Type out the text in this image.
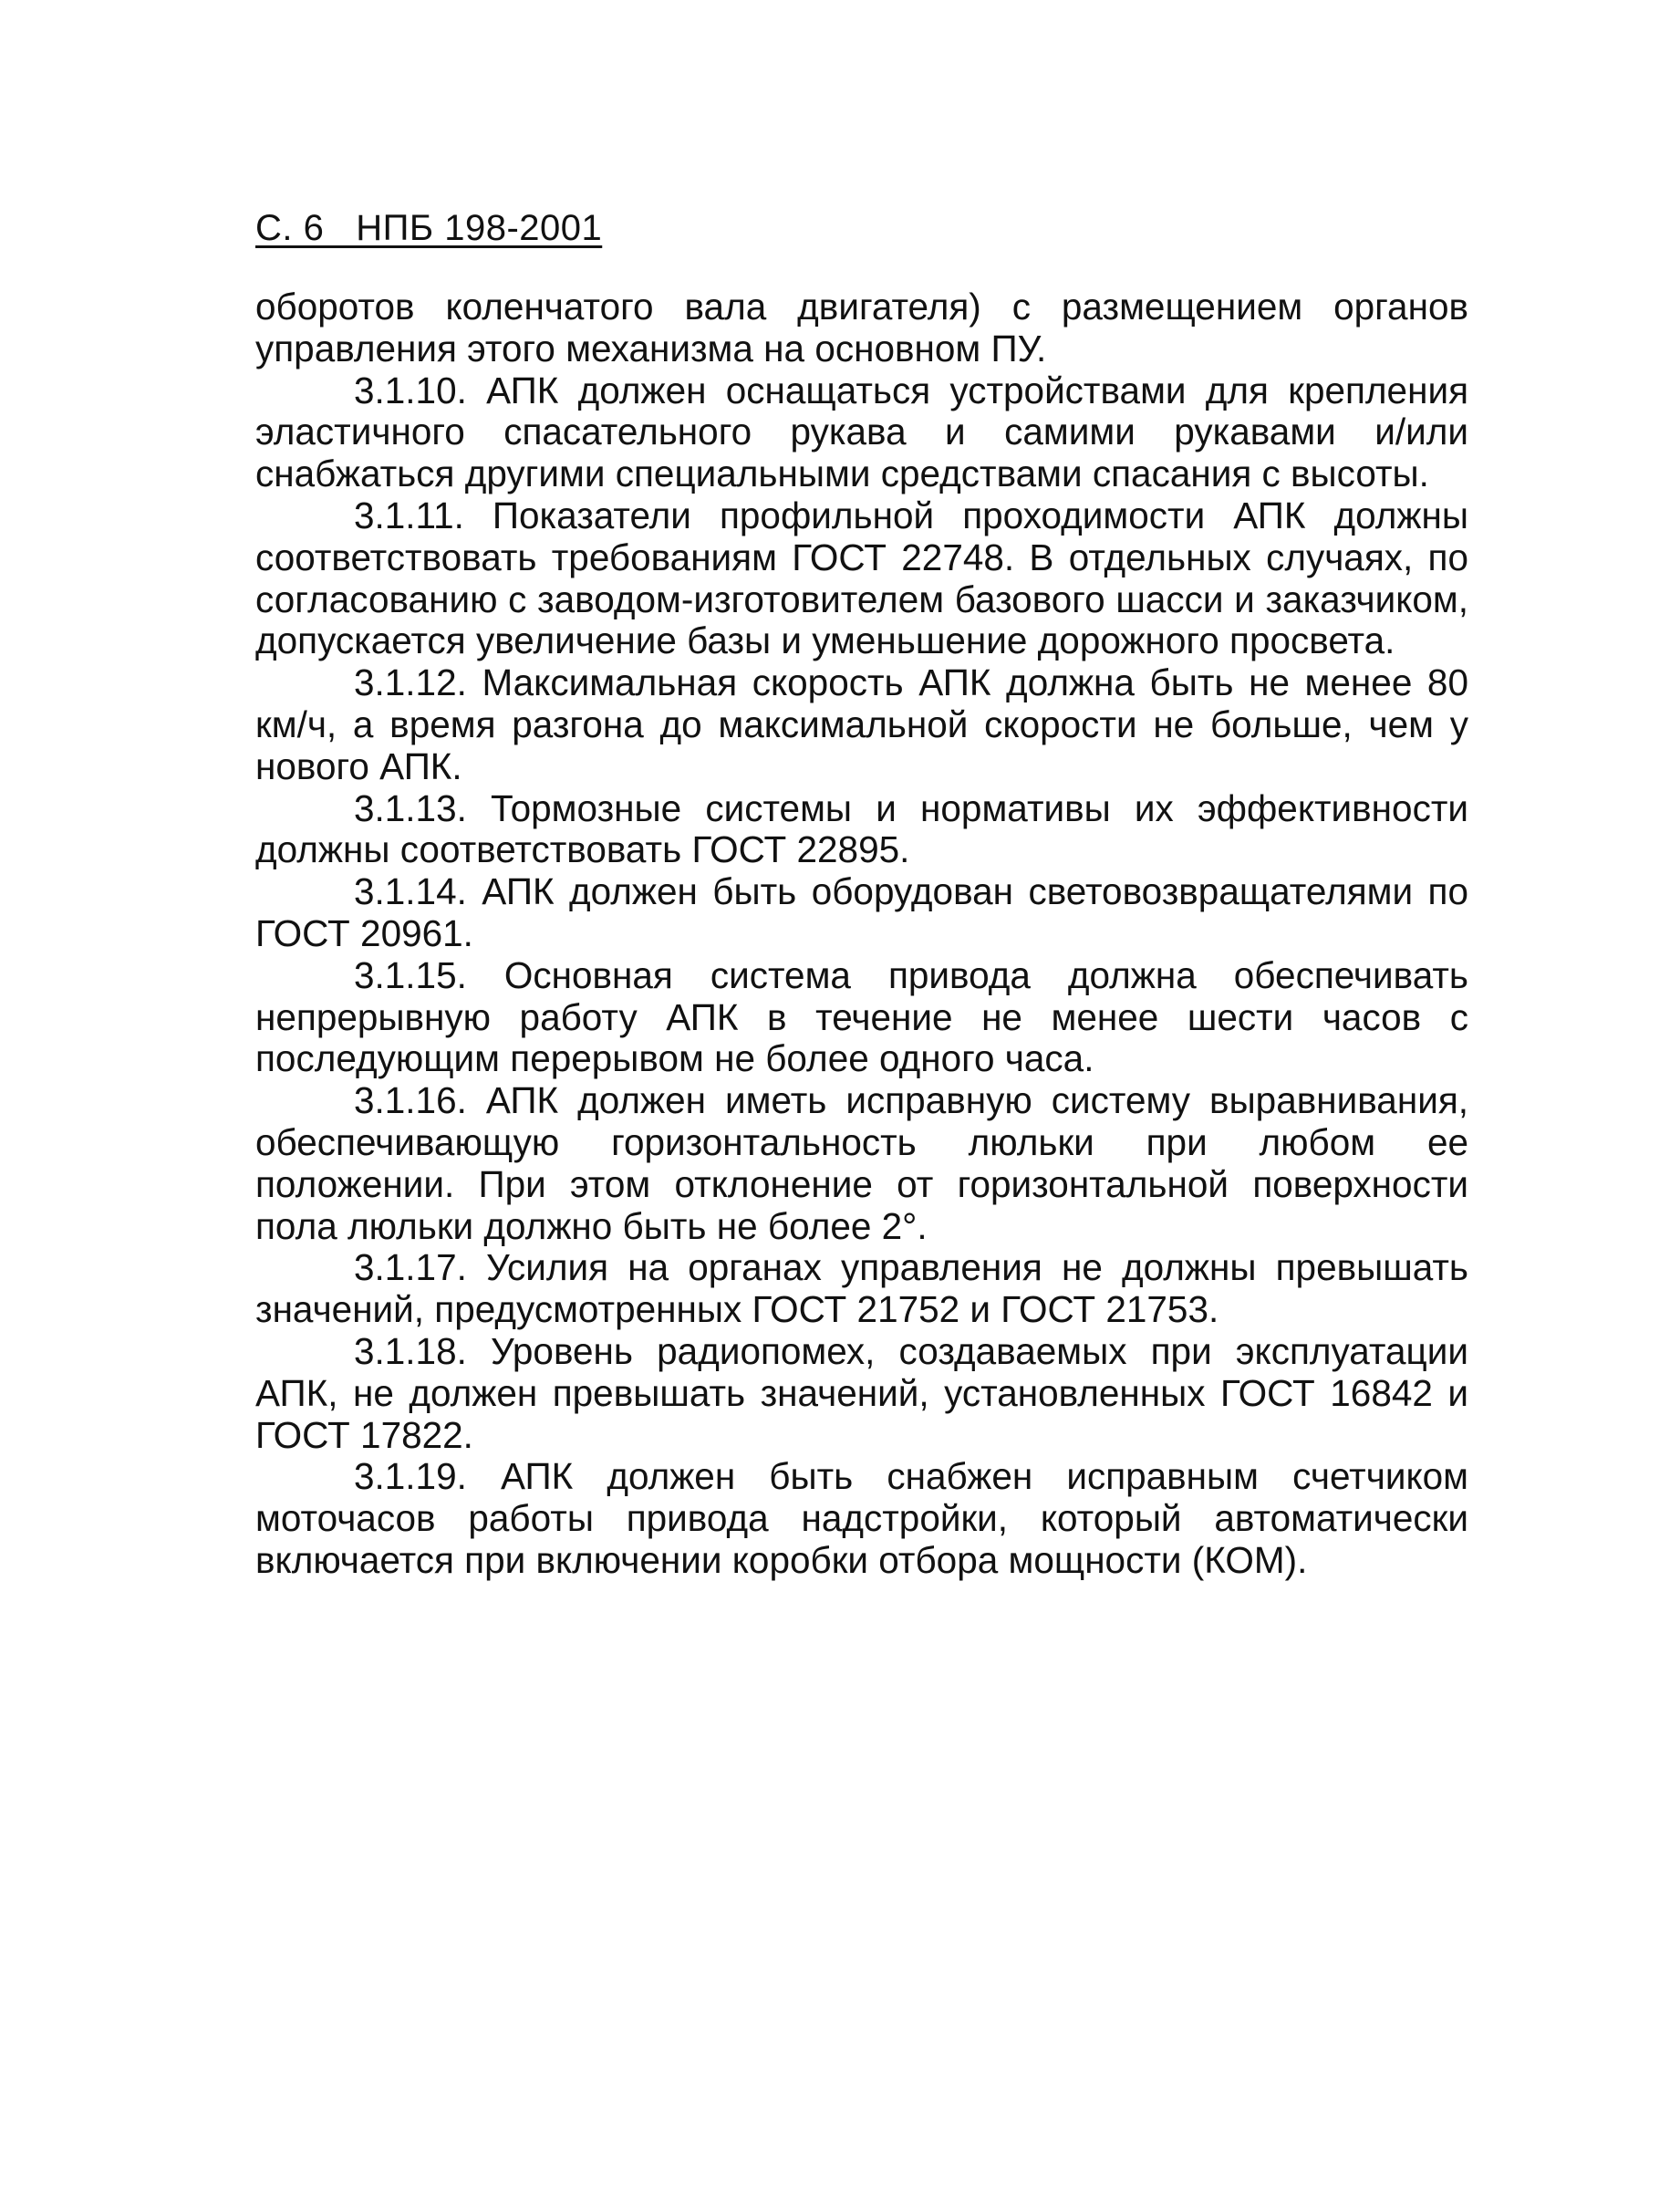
С. 6   НПБ 198-2001

оборотов коленчатого вала двигателя) с размещением органов управления этого механизма на основном ПУ.

3.1.10. АПК должен оснащаться устройствами для крепления эластичного спасательного рукава и самими рукавами и/или снабжаться другими специальными средствами спасания с высоты.

3.1.11. Показатели профильной проходимости АПК должны соответствовать требованиям ГОСТ 22748. В отдельных случаях, по согласованию с заводом-изготовителем базового шасси и заказчиком, допускается увеличение базы и уменьшение дорожного просвета.

3.1.12. Максимальная скорость АПК должна быть не менее 80 км/ч, а время разгона до максимальной скорости не больше, чем у нового АПК.

3.1.13. Тормозные системы и нормативы их эффективности должны соответствовать ГОСТ 22895.

3.1.14. АПК должен быть оборудован световозвращателями по ГОСТ 20961.

3.1.15. Основная система привода должна обеспечивать непрерывную работу АПК в течение не менее шести часов с последующим перерывом не более одного часа.

3.1.16. АПК должен иметь исправную систему выравнивания, обеспечивающую горизонтальность люльки при любом ее положении. При этом отклонение от горизонтальной поверхности пола люльки должно быть не более 2°.

3.1.17. Усилия на органах управления не должны превышать значений, предусмотренных ГОСТ 21752 и ГОСТ 21753.

3.1.18. Уровень радиопомех, создаваемых при эксплуатации АПК, не должен превышать значений, установленных ГОСТ 16842 и ГОСТ 17822.

3.1.19. АПК должен быть снабжен исправным счетчиком моточасов работы привода надстройки, который автоматически включается при включении коробки отбора мощности (КОМ).
